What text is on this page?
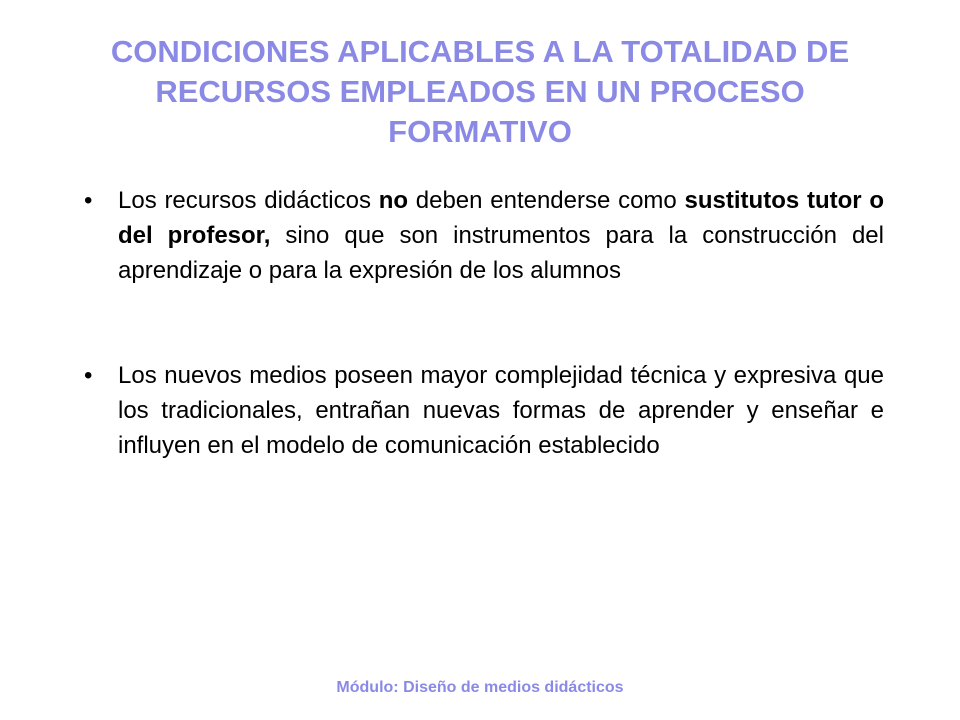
CONDICIONES APLICABLES A LA TOTALIDAD DE RECURSOS EMPLEADOS EN UN PROCESO FORMATIVO
• Los recursos didácticos no deben entenderse como sustitutos tutor o del profesor, sino que son instrumentos para la construcción del aprendizaje o para la expresión de los alumnos
• Los nuevos medios poseen mayor complejidad técnica y expresiva que los tradicionales, entrañan nuevas formas de aprender y enseñar e influyen en el modelo de comunicación establecido
Módulo: Diseño de medios didácticos
